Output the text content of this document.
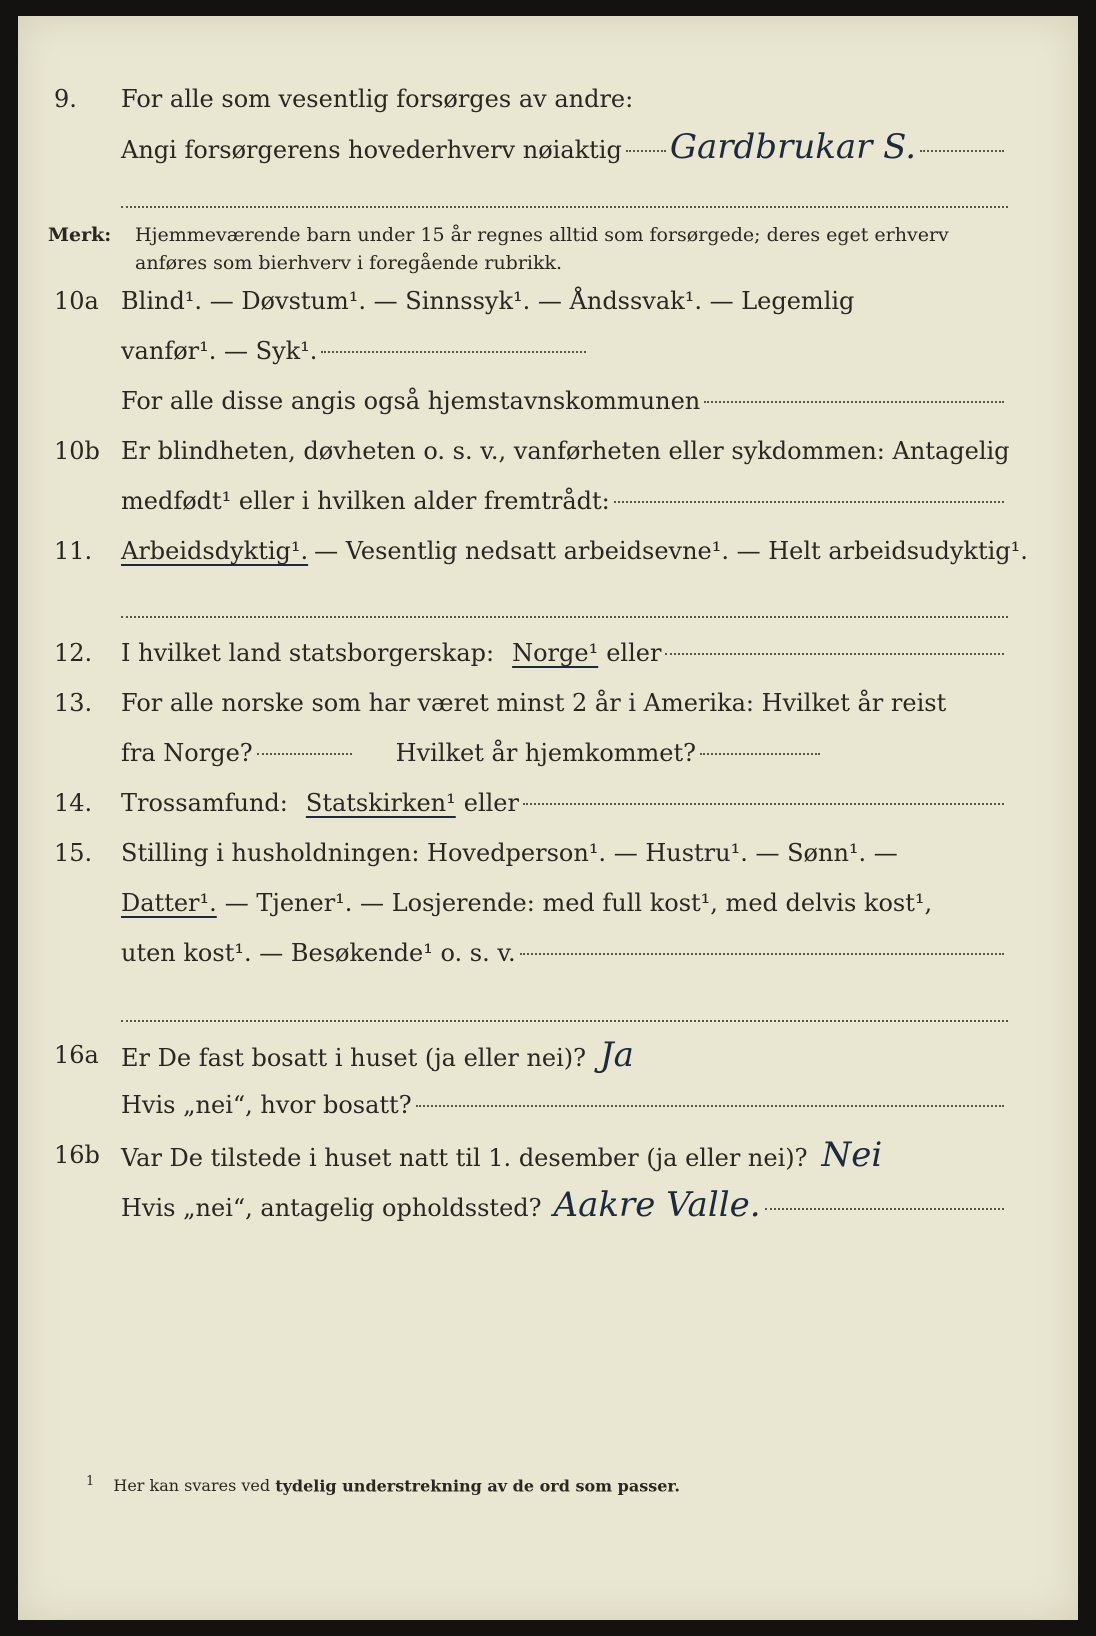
9. For alle som vesentlig forsørges av andre:
Angi forsørgerens hovederhverv nøiaktig Gardbrukar S.
Merk: Hjemmeværende barn under 15 år regnes alltid som forsørgede; deres eget erhverv
anføres som bierhverv i foregående rubrikk.
10a Blind¹. — Døvstum¹. — Sinnssyk¹. — Åndssvak¹. — Legemlig
vanfør¹. — Syk¹.
For alle disse angis også hjemstavnskommunen
10b Er blindheten, døvheten o. s. v., vanførheten eller sykdommen: Antagelig
medfødt¹ eller i hvilken alder fremtrådt:
11. Arbeidsdyktig¹. — Vesentlig nedsatt arbeidsevne¹. — Helt arbeidsudyktig¹.
12. I hvilket land statsborgerskap: Norge¹ eller
13. For alle norske som har været minst 2 år i Amerika: Hvilket år reist
fra Norge?	Hvilket år hjemkommet?
14. Trossamfund: Statskirken¹ eller
15. Stilling i husholdningen: Hovedperson¹. — Hustru¹. — Sønn¹. —
Datter¹. — Tjener¹. — Losjerende: med full kost¹, med delvis kost¹,
uten kost¹. — Besøkende¹ o. s. v.
16a Er De fast bosatt i huset (ja eller nei)? Ja
Hvis „nei“, hvor bosatt?
16b Var De tilstede i huset natt til 1. desember (ja eller nei)? Nei
Hvis „nei“, antagelig opholdssted? Aakre Valle.
$^1$ Her kan svares ved tydelig understrekning av de ord som passer.
